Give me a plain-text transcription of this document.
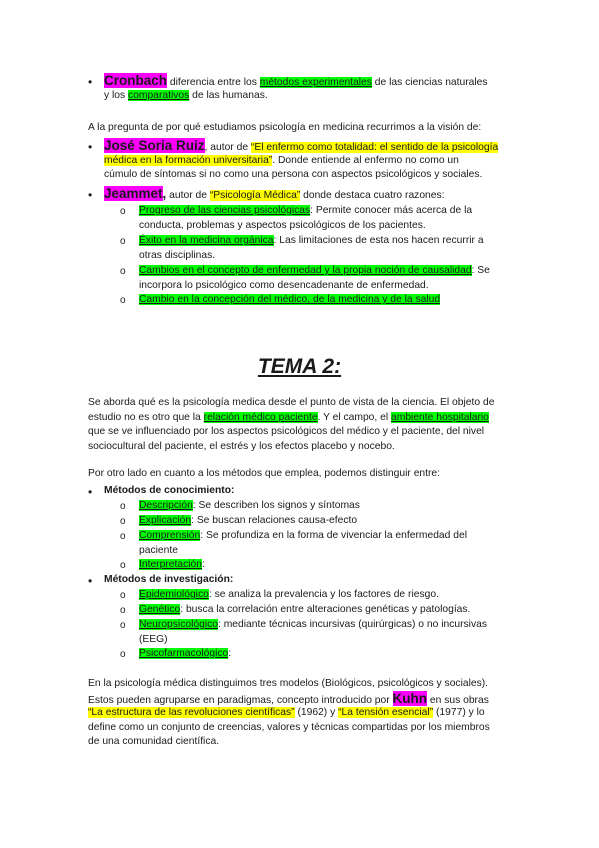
• Cronbach diferencia entre los métodos experimentales de las ciencias naturales
y los comparativos de las humanas.
A la pregunta de por qué estudiamos psicología en medicina recurrimos a la visión de:
• José Soria Ruiz, autor de “El enfermo como totalidad: el sentido de la psicología
médica en la formación universitaria”. Donde entiende al enfermo no como un
cúmulo de síntomas si no como una persona con aspectos psicológicos y sociales.
• Jeammet, autor de “Psicología Médica” donde destaca cuatro razones:
o Progreso de las ciencias psicológicas: Permite conocer más acerca de la
conducta, problemas y aspectos psicológicos de los pacientes.
o Éxito en la medicina orgánica: Las limitaciones de esta nos hacen recurrir a
otras disciplinas.
o Cambios en el concepto de enfermedad y la propia noción de causalidad: Se
incorpora lo psicológico como desencadenante de enfermedad.
o Cambio en la concepción del médico, de la medicina y de la salud
TEMA 2:
Se aborda qué es la psicología medica desde el punto de vista de la ciencia. El objeto de
estudio no es otro que la relación médico paciente. Y el campo, el ambiente hospitalario
que se ve influenciado por los aspectos psicológicos del médico y el paciente, del nivel
sociocultural del paciente, el estrés y los efectos placebo y nocebo.
Por otro lado en cuanto a los métodos que emplea, podemos distinguir entre:
• Métodos de conocimiento:
o Descripción: Se describen los signos y síntomas
o Explicación: Se buscan relaciones causa-efecto
o Comprensión: Se profundiza en la forma de vivenciar la enfermedad del
paciente
o Interpretación:
• Métodos de investigación:
o Epidemiológico: se analiza la prevalencia y los factores de riesgo.
o Genético: busca la correlación entre alteraciones genéticas y patologías.
o Neuropsicológico: mediante técnicas incursivas (quirúrgicas) o no incursivas
(EEG)
o Psicofarmacológico:
En la psicología médica distinguimos tres modelos (Biológicos, psicológicos y sociales).
Estos pueden agruparse en paradigmas, concepto introducido por Kuhn en sus obras
“La estructura de las revoluciones científicas” (1962) y “La tensión esencial” (1977) y lo
define como un conjunto de creencias, valores y técnicas compartidas por los miembros
de una comunidad científica.
